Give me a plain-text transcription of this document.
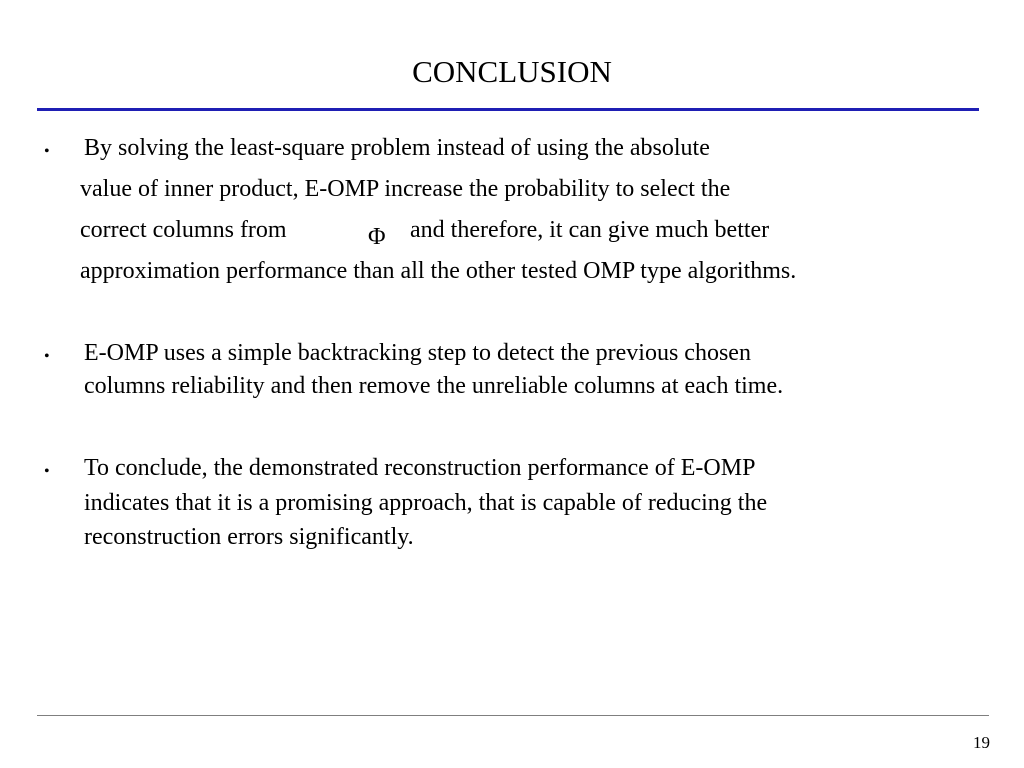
CONCLUSION
• By solving the least-square problem instead of using the absolute
value of inner product, E-OMP increase the probability to select the
correct columns from	Φ and therefore, it can give much better
approximation performance than all the other tested OMP type algorithms.
• E-OMP uses a simple backtracking step to detect the previous chosen
columns reliability and then remove the unreliable columns at each time.
• To conclude, the demonstrated reconstruction performance of E-OMP
indicates that it is a promising approach, that is capable of reducing the
reconstruction errors significantly.
19
